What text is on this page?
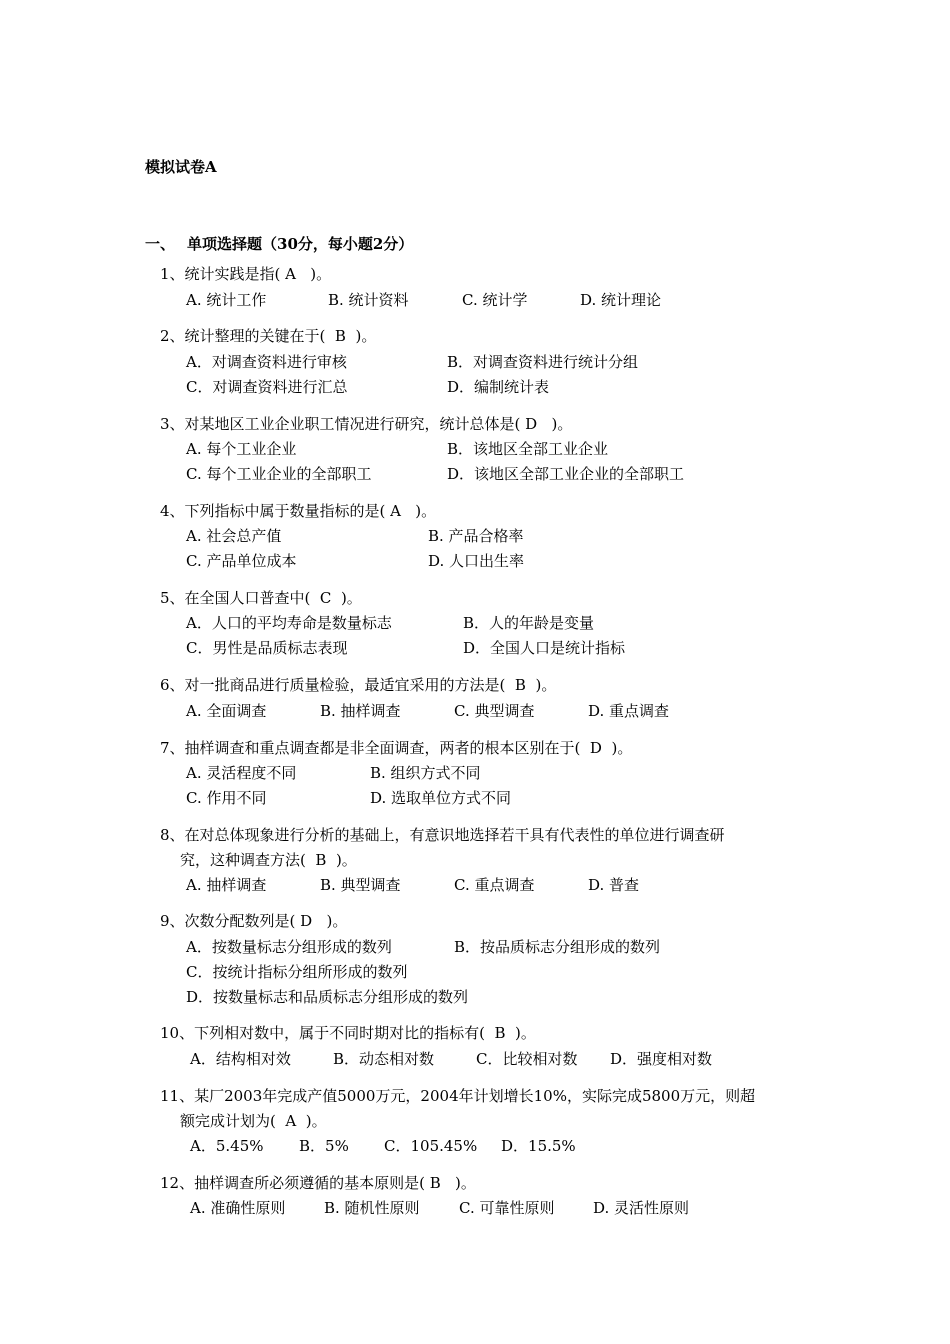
模拟试卷A
一、 单项选择题（30分，每小题2分）
1、统计实践是指( A   )。
A. 统计工作	B. 统计资料	C. 统计学	D. 统计理论
2、统计整理的关键在于(  B  )。
A．对调查资料进行审核	B．对调查资料进行统计分组
C．对调查资料进行汇总	D．编制统计表
3、对某地区工业企业职工情况进行研究，统计总体是( D   )。
A. 每个工业企业	B．该地区全部工业企业
C. 每个工业企业的全部职工	D．该地区全部工业企业的全部职工
4、下列指标中属于数量指标的是( A   )。
A. 社会总产值	B. 产品合格率
C. 产品单位成本	D. 人口出生率
5、在全国人口普查中(  C  )。
A．人口的平均寿命是数量标志	B．人的年龄是变量
C．男性是品质标志表现	D．全国人口是统计指标
6、对一批商品进行质量检验，最适宜采用的方法是(  B  )。
A. 全面调查	B. 抽样调查	C. 典型调查	D. 重点调查
7、抽样调查和重点调查都是非全面调查，两者的根本区别在于(  D  )。
A. 灵活程度不同	B. 组织方式不同
C. 作用不同	D. 选取单位方式不同
8、在对总体现象进行分析的基础上，有意识地选择若干具有代表性的单位进行调查研
究，这种调查方法(  B  )。
A. 抽样调查	B. 典型调查	C. 重点调查	D. 普查
9、次数分配数列是( D   )。
A．按数量标志分组形成的数列	B．按品质标志分组形成的数列
C．按统计指标分组所形成的数列
D．按数量标志和品质标志分组形成的数列
10、下列相对数中，属于不同时期对比的指标有(  B  )。
A．结构相对效	B．动态相对数	C．比较相对数 D．强度相对数
11、某厂2003年完成产值5000万元，2004年计划增长10%，实际完成5800万元，则超
额完成计划为(  A  )。
A．5.45% B．5% C．105.45% D．15.5%
12、抽样调查所必须遵循的基本原则是( B   )。
A. 准确性原则	B. 随机性原则	C. 可靠性原则	D. 灵活性原则
